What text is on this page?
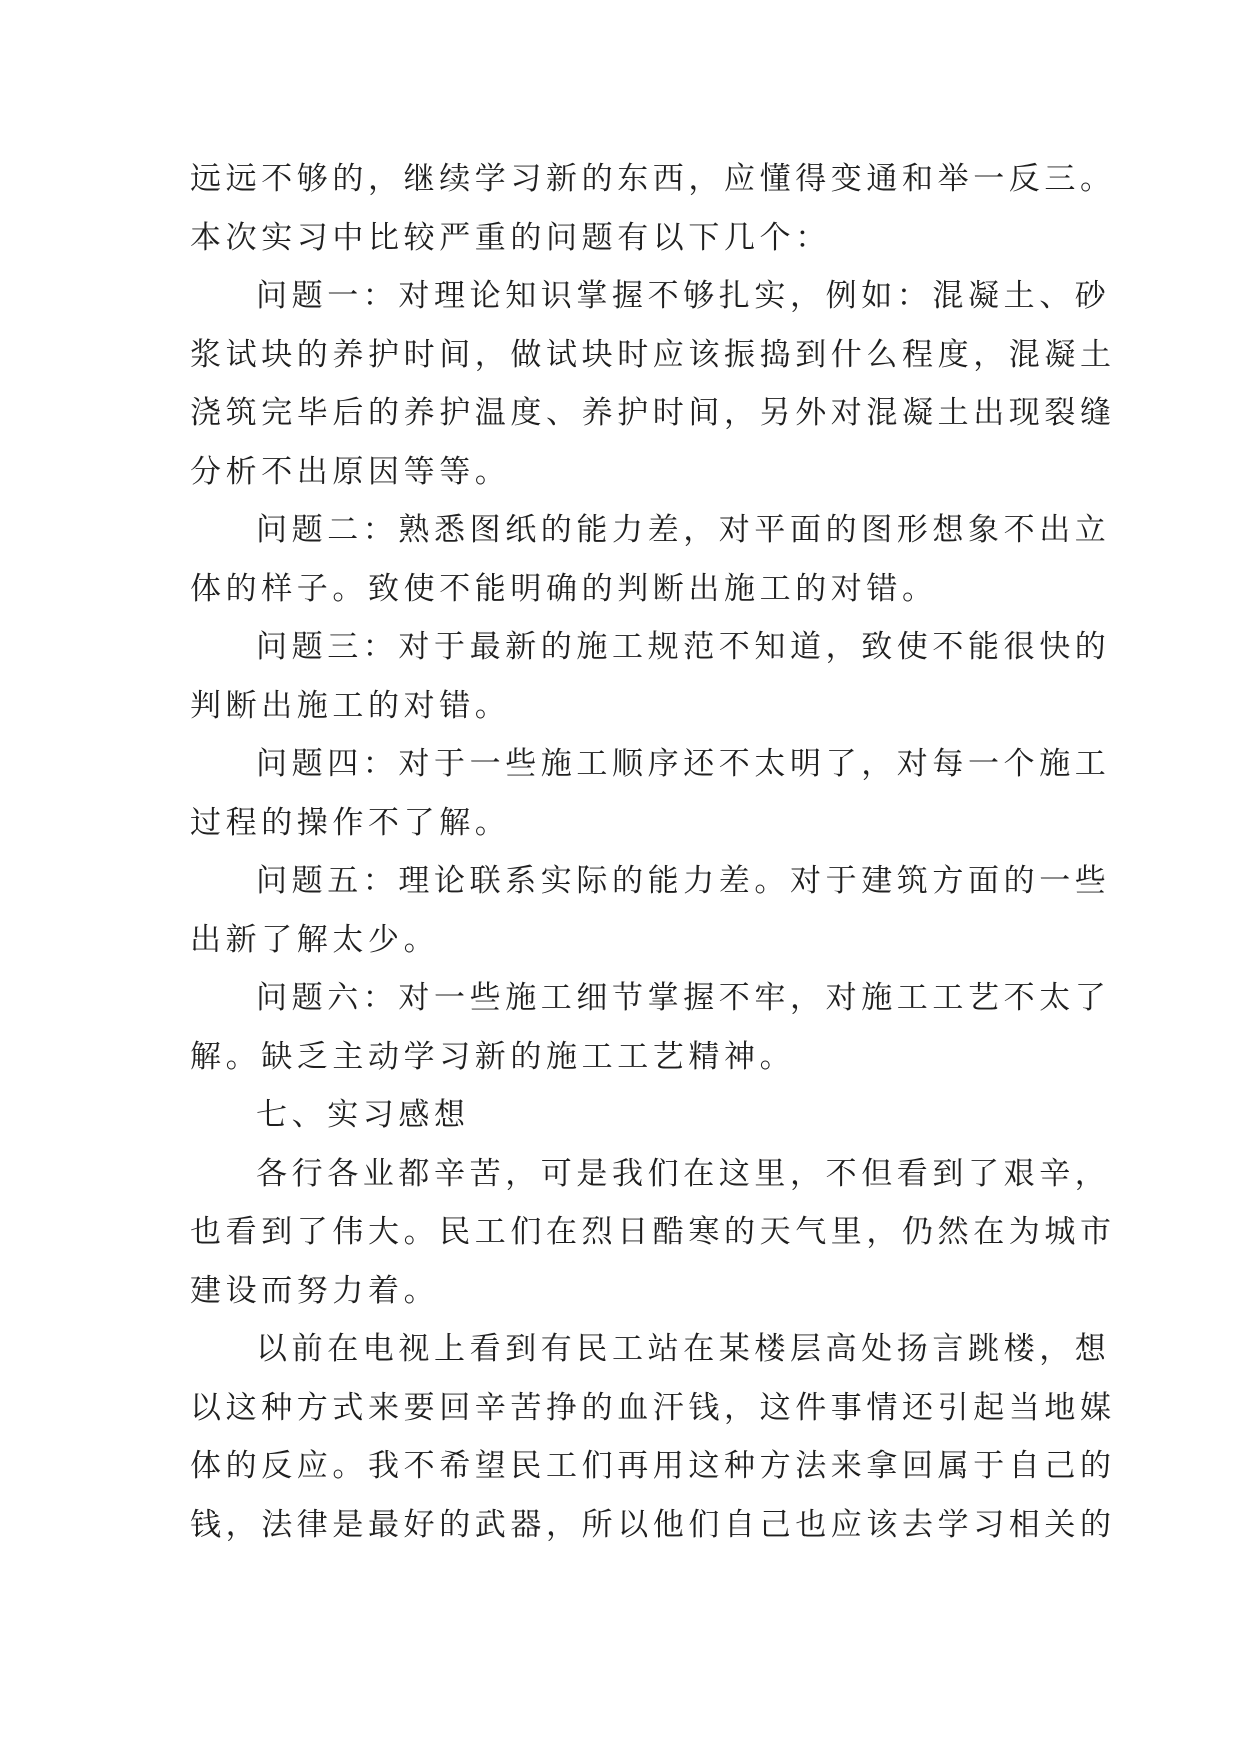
远远不够的，继续学习新的东西，应懂得变通和举一反三。
本次实习中比较严重的问题有以下几个：
问题一：对理论知识掌握不够扎实，例如：混凝土、砂
浆试块的养护时间，做试块时应该振捣到什么程度，混凝土
浇筑完毕后的养护温度、养护时间，另外对混凝土出现裂缝
分析不出原因等等。
问题二：熟悉图纸的能力差，对平面的图形想象不出立
体的样子。致使不能明确的判断出施工的对错。
问题三：对于最新的施工规范不知道，致使不能很快的
判断出施工的对错。
问题四：对于一些施工顺序还不太明了，对每一个施工
过程的操作不了解。
问题五：理论联系实际的能力差。对于建筑方面的一些
出新了解太少。
问题六：对一些施工细节掌握不牢，对施工工艺不太了
解。缺乏主动学习新的施工工艺精神。
七、实习感想
各行各业都辛苦，可是我们在这里，不但看到了艰辛，
也看到了伟大。民工们在烈日酷寒的天气里，仍然在为城市
建设而努力着。
以前在电视上看到有民工站在某楼层高处扬言跳楼，想
以这种方式来要回辛苦挣的血汗钱，这件事情还引起当地媒
体的反应。我不希望民工们再用这种方法来拿回属于自己的
钱，法律是最好的武器，所以他们自己也应该去学习相关的
